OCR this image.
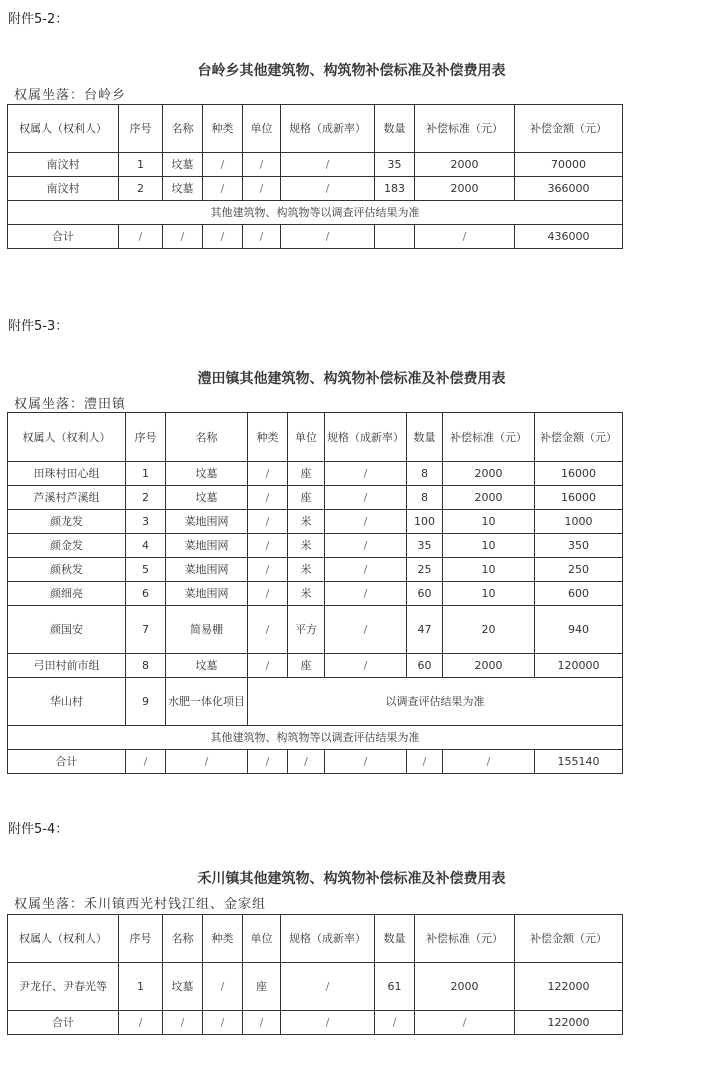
附件5-2：
台岭乡其他建筑物、构筑物补偿标准及补偿费用表
权属坐落：台岭乡
权属人（权利人）	序号	名称	种类	单位	规格（成新率）	数量	补偿标准（元）	补偿金额（元）
南汶村	1	坟墓	/	/	/	35	2000	70000
南汶村	2	坟墓	/	/	/	183	2000	366000
其他建筑物、构筑物等以调查评估结果为准								
合计	/	/	/	/	/		/	436000
附件5-3：
澧田镇其他建筑物、构筑物补偿标准及补偿费用表
权属坐落：澧田镇
权属人（权利人）	序号	名称	种类	单位	规格（成新率）	数量	补偿标准（元）	补偿金额（元）
田珠村田心组	1	坟墓	/	座	/	8	2000	16000
芦溪村芦溪组	2	坟墓	/	座	/	8	2000	16000
颜龙发	3	菜地围网	/	米	/	100	10	1000
颜金发	4	菜地围网	/	米	/	35	10	350
颜秋发	5	菜地围网	/	米	/	25	10	250
颜细亮	6	菜地围网	/	米	/	60	10	600
颜国安	7	简易棚	/	平方	/	47	20	940
弓田村前市组	8	坟墓	/	座	/	60	2000	120000
华山村	9	水肥一体化项目	以调查评估结果为准					
其他建筑物、构筑物等以调查评估结果为准								
合计	/	/	/	/	/	/	/	155140
附件5-4：
禾川镇其他建筑物、构筑物补偿标准及补偿费用表
权属坐落：禾川镇西光村钱江组、金家组
权属人（权利人）	序号	名称	种类	单位	规格（成新率）	数量	补偿标准（元）	补偿金额（元）
尹龙仔、尹春光等	1	坟墓	/	座	/	61	2000	122000
合计	/	/	/	/	/	/	/	122000
